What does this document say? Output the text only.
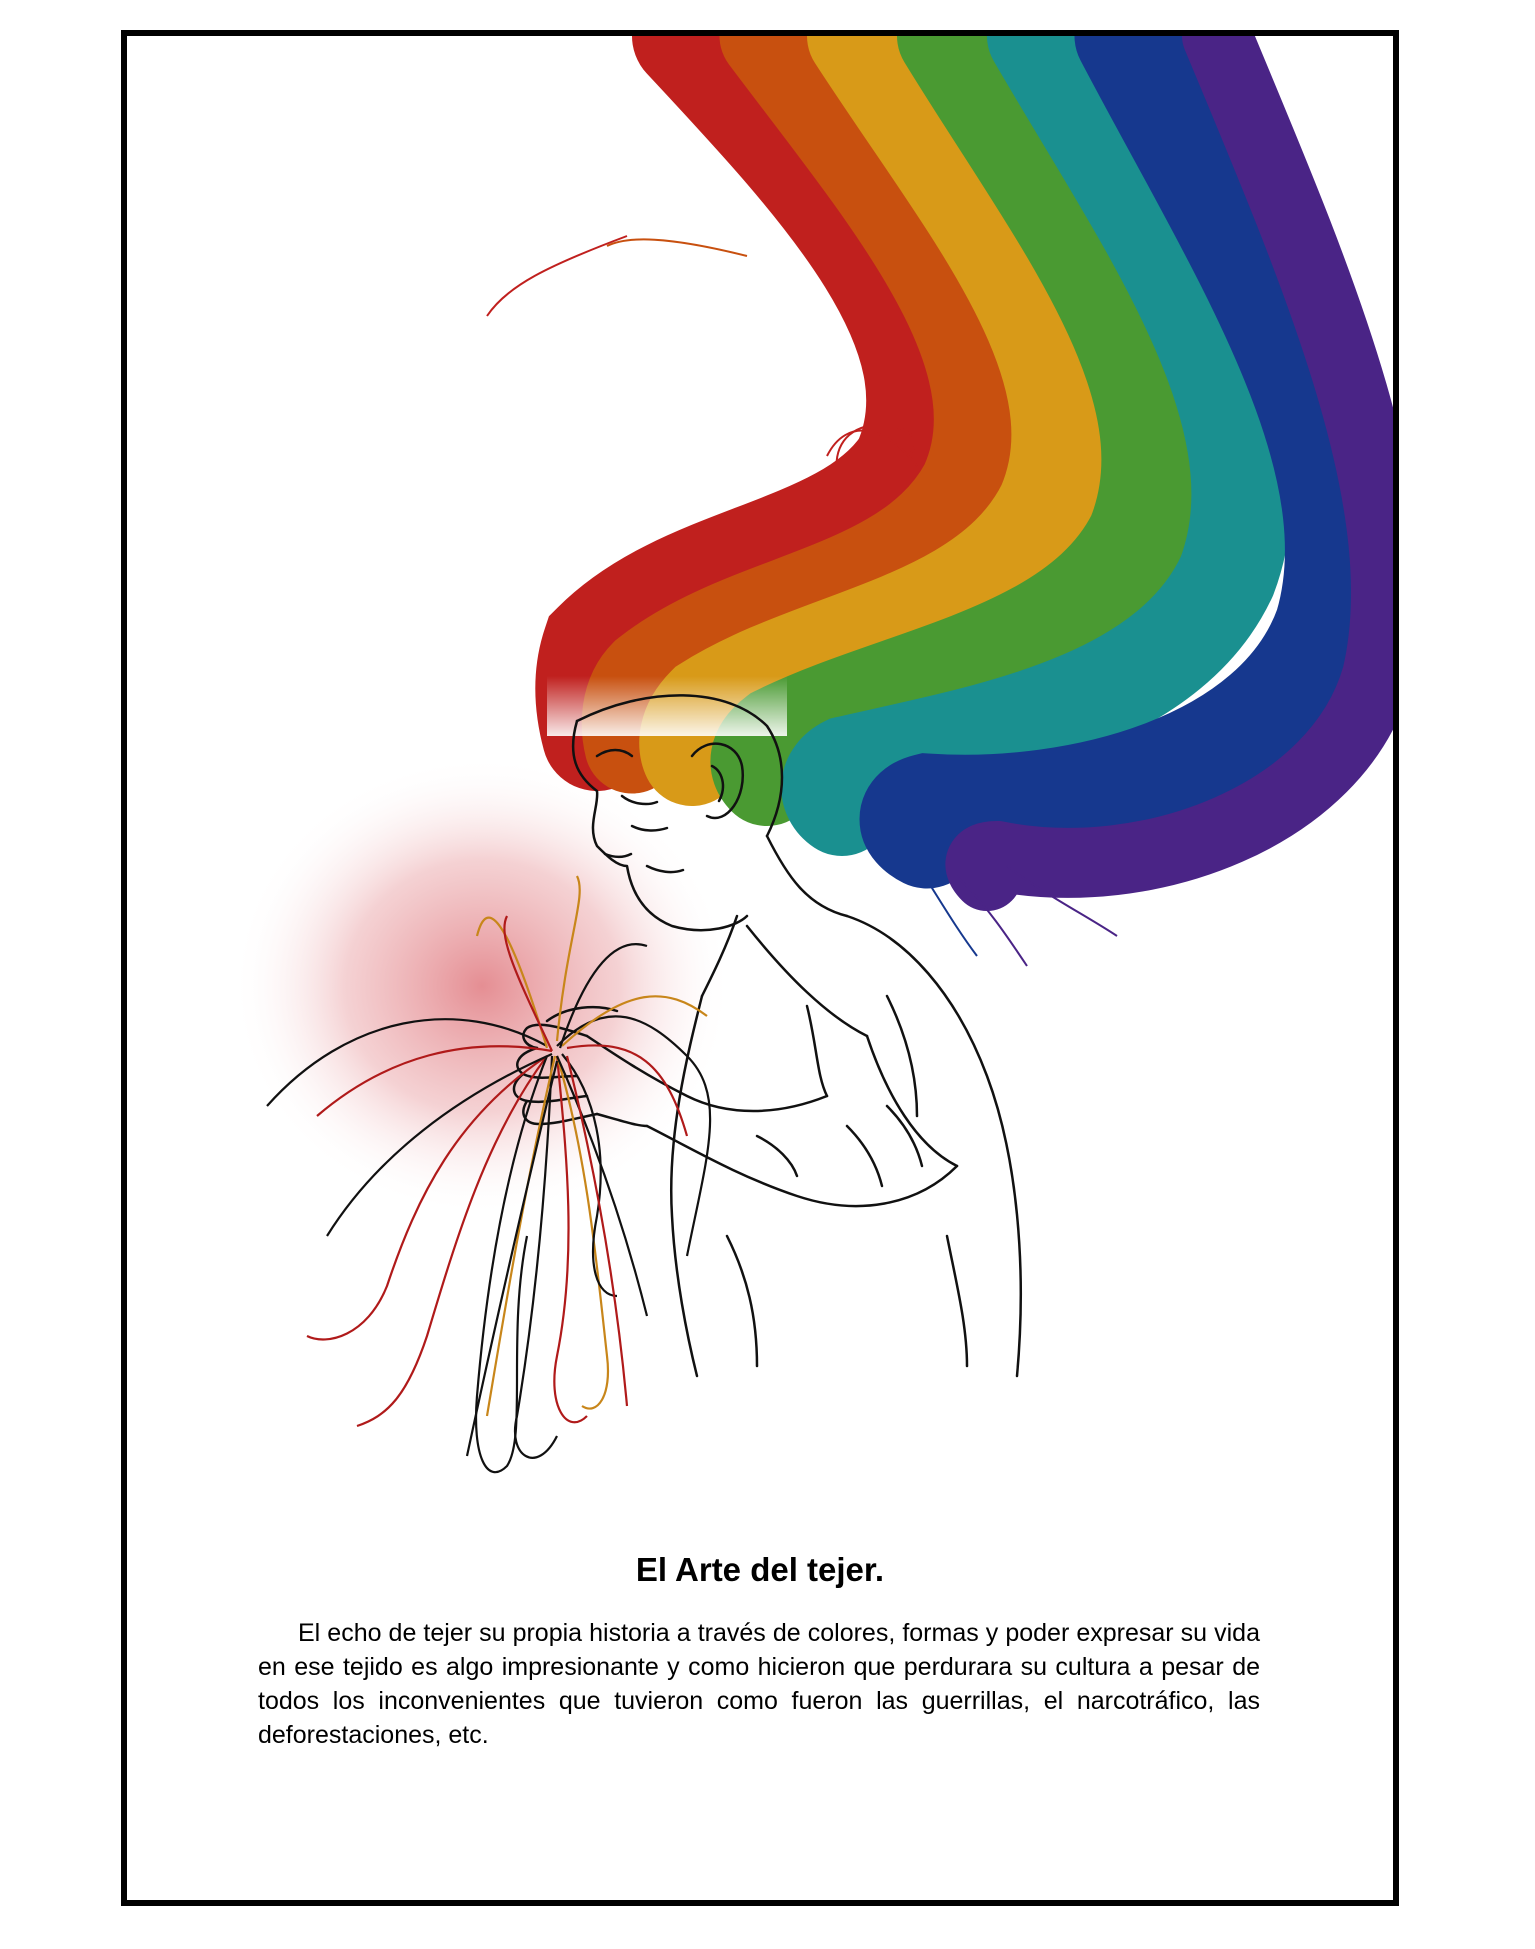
El Arte del tejer.

El echo de tejer su propia historia a través de colores, formas y poder expresar su vida en ese tejido es algo impresionante y como hicieron que perdurara su cultura a pesar de todos los inconvenientes que tuvieron como fueron las guerrillas, el narcotráfico, las deforestaciones, etc.
